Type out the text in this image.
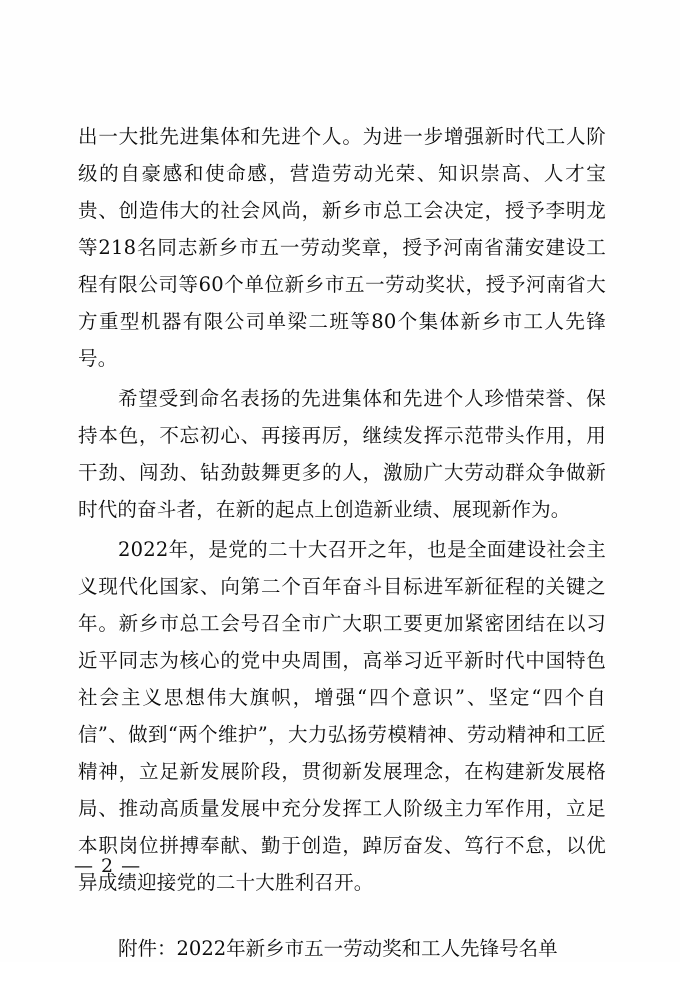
出一大批先进集体和先进个人。为进一步增强新时代工人阶级的自豪感和使命感，营造劳动光荣、知识崇高、人才宝贵、创造伟大的社会风尚，新乡市总工会决定，授予李明龙等218名同志新乡市五一劳动奖章，授予河南省蒲安建设工程有限公司等60个单位新乡市五一劳动奖状，授予河南省大方重型机器有限公司单梁二班等80个集体新乡市工人先锋号。

希望受到命名表扬的先进集体和先进个人珍惜荣誉、保持本色，不忘初心、再接再厉，继续发挥示范带头作用，用干劲、闯劲、钻劲鼓舞更多的人，激励广大劳动群众争做新时代的奋斗者，在新的起点上创造新业绩、展现新作为。

2022年，是党的二十大召开之年，也是全面建设社会主义现代化国家、向第二个百年奋斗目标进军新征程的关键之年。新乡市总工会号召全市广大职工要更加紧密团结在以习近平同志为核心的党中央周围，高举习近平新时代中国特色社会主义思想伟大旗帜，增强“四个意识”、坚定“四个自信”、做到“两个维护”，大力弘扬劳模精神、劳动精神和工匠精神，立足新发展阶段，贯彻新发展理念，在构建新发展格局、推动高质量发展中充分发挥工人阶级主力军作用，立足本职岗位拼搏奉献、勤于创造，踔厉奋发、笃行不怠，以优异成绩迎接党的二十大胜利召开。

附件：2022年新乡市五一劳动奖和工人先锋号名单

— 2 —
